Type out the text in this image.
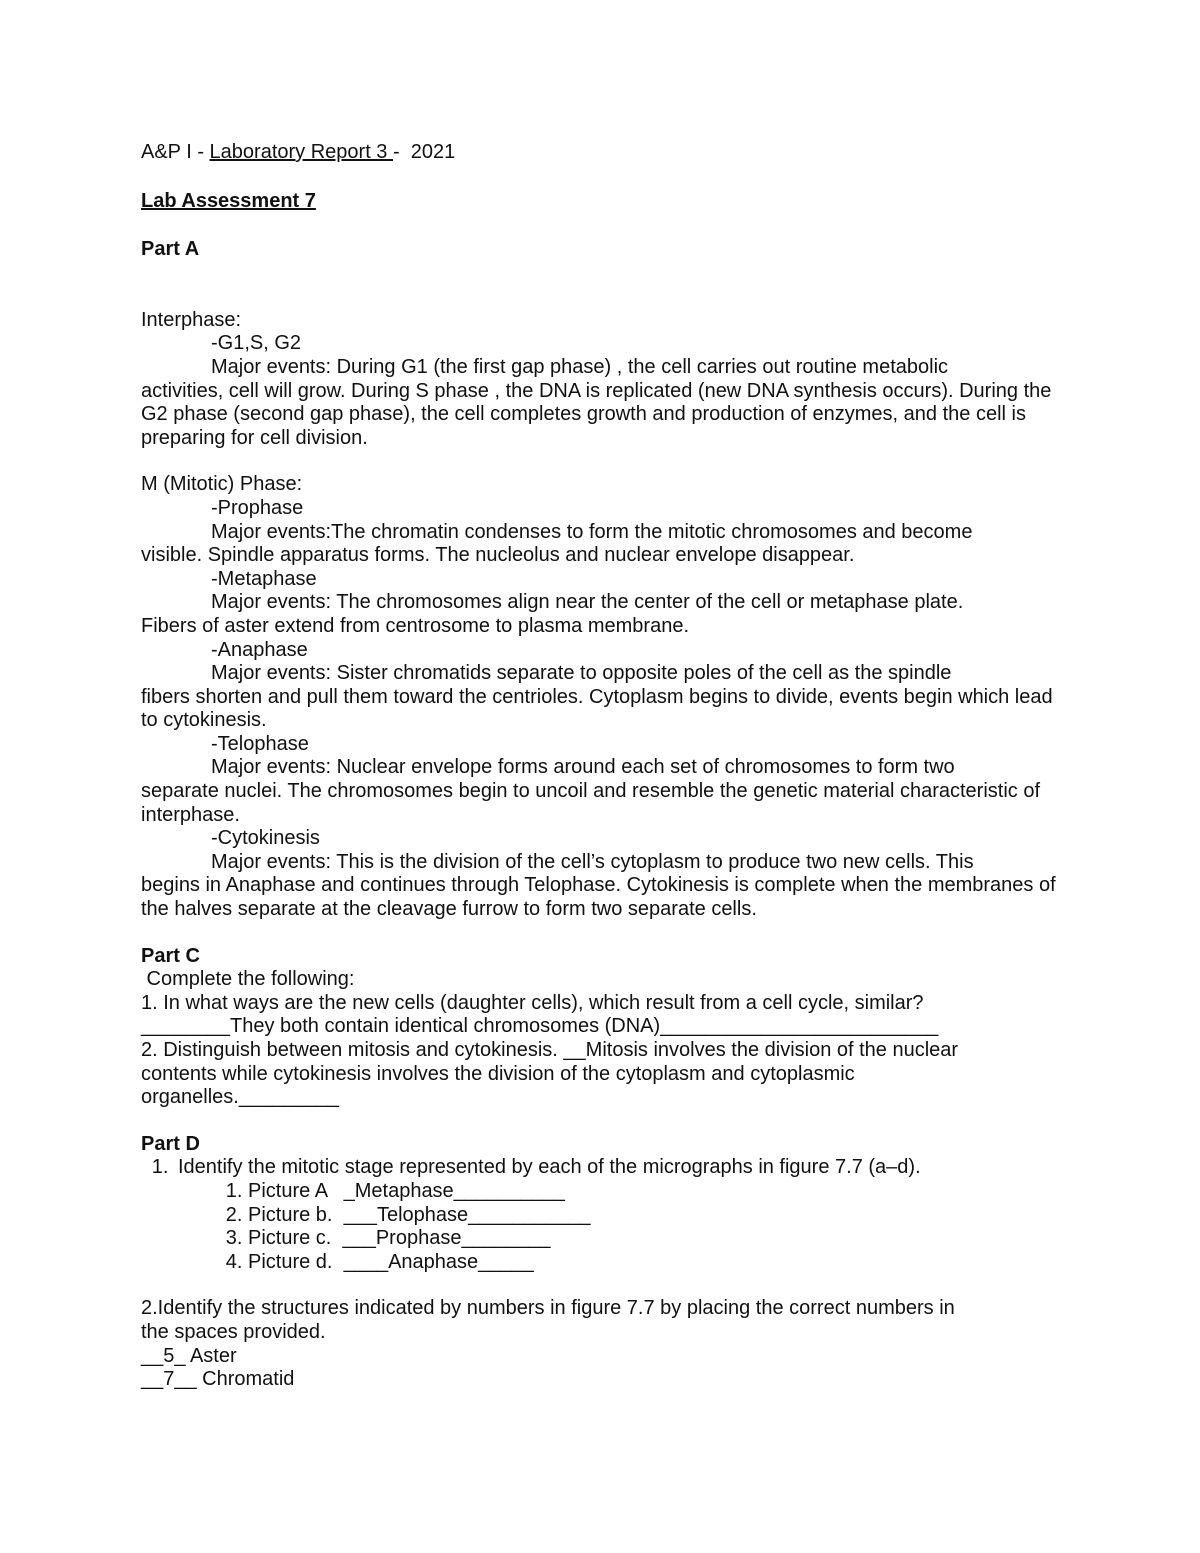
A&P I - Laboratory Report 3 -  2021
Lab Assessment 7
Part A
Interphase:
-G1,S, G2
Major events: During G1 (the first gap phase) , the cell carries out routine metabolic
activities, cell will grow. During S phase , the DNA is replicated (new DNA synthesis occurs). During the G2 phase (second gap phase), the cell completes growth and production of enzymes, and the cell is preparing for cell division.
M (Mitotic) Phase:
-Prophase
Major events:The chromatin condenses to form the mitotic chromosomes and become
visible. Spindle apparatus forms. The nucleolus and nuclear envelope disappear.
-Metaphase
Major events: The chromosomes align near the center of the cell or metaphase plate.
Fibers of aster extend from centrosome to plasma membrane.
-Anaphase
Major events: Sister chromatids separate to opposite poles of the cell as the spindle
fibers shorten and pull them toward the centrioles. Cytoplasm begins to divide, events begin which lead to cytokinesis.
-Telophase
Major events: Nuclear envelope forms around each set of chromosomes to form two
separate nuclei. The chromosomes begin to uncoil and resemble the genetic material characteristic of interphase.
-Cytokinesis
Major events: This is the division of the cell’s cytoplasm to produce two new cells. This
begins in Anaphase and continues through Telophase. Cytokinesis is complete when the membranes of the halves separate at the cleavage furrow to form two separate cells.
Part C
Complete the following:
1. In what ways are the new cells (daughter cells), which result from a cell cycle, similar?
________They both contain identical chromosomes (DNA)_________________________
2. Distinguish between mitosis and cytokinesis. __Mitosis involves the division of the nuclear
contents while cytokinesis involves the division of the cytoplasm and cytoplasmic
organelles._________
Part D
1. Identify the mitotic stage represented by each of the micrographs in figure 7.7 (a–d).
1. Picture A   _Metaphase__________
2. Picture b.  ___Telophase___________
3. Picture c.  ___Prophase________
4. Picture d.  ____Anaphase_____
2.Identify the structures indicated by numbers in figure 7.7 by placing the correct numbers in
the spaces provided.
__5_ Aster
__7__ Chromatid
